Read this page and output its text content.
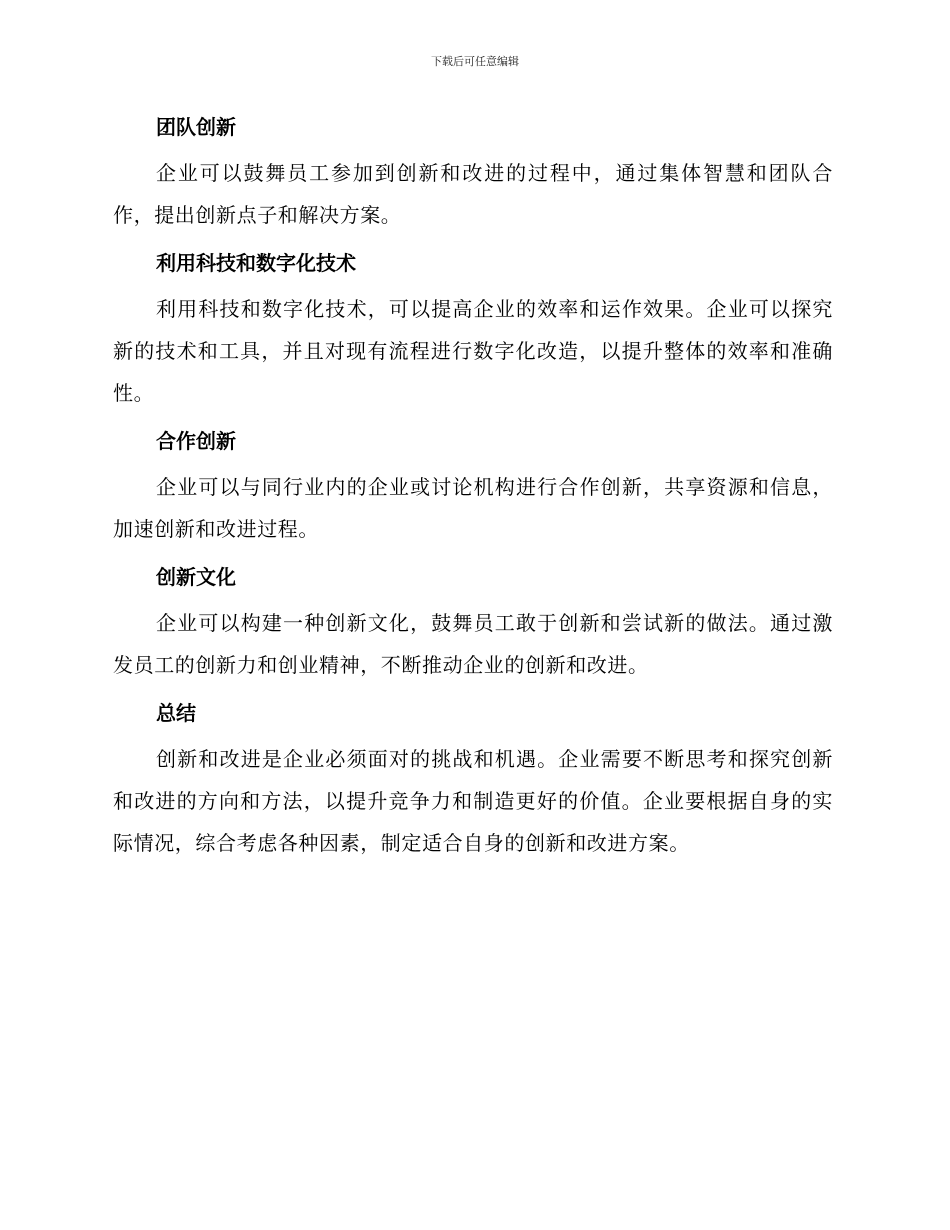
下载后可任意编辑
团队创新

企业可以鼓舞员工参加到创新和改进的过程中，通过集体智慧和团队合作，提出创新点子和解决方案。

利用科技和数字化技术

利用科技和数字化技术，可以提高企业的效率和运作效果。企业可以探究新的技术和工具，并且对现有流程进行数字化改造，以提升整体的效率和准确性。

合作创新

企业可以与同行业内的企业或讨论机构进行合作创新，共享资源和信息，加速创新和改进过程。

创新文化

企业可以构建一种创新文化，鼓舞员工敢于创新和尝试新的做法。通过激发员工的创新力和创业精神，不断推动企业的创新和改进。

总结

创新和改进是企业必须面对的挑战和机遇。企业需要不断思考和探究创新和改进的方向和方法，以提升竞争力和制造更好的价值。企业要根据自身的实际情况，综合考虑各种因素，制定适合自身的创新和改进方案。
